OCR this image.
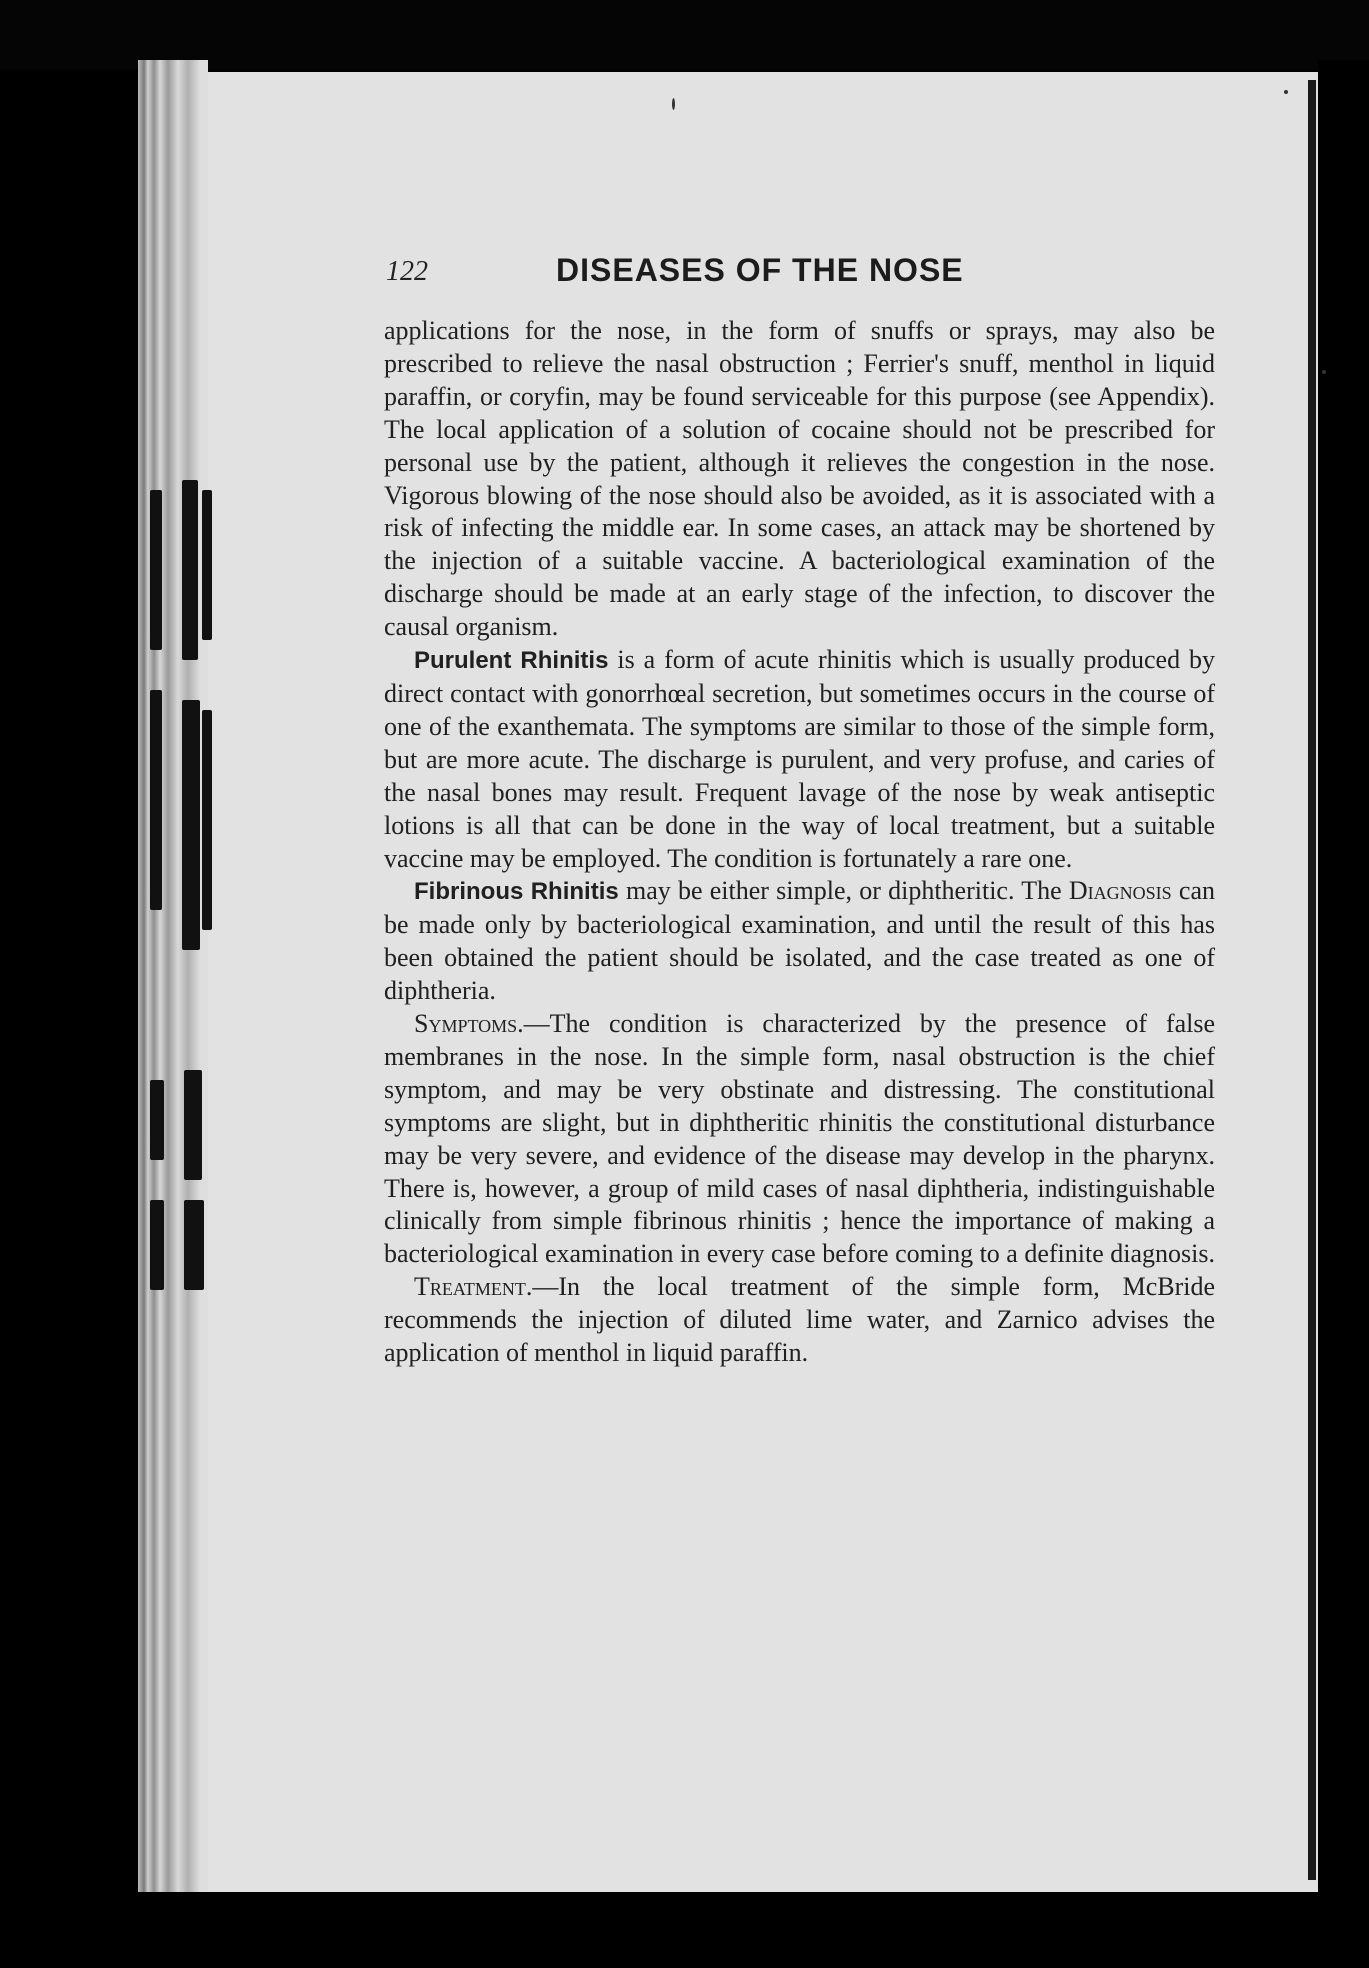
122	DISEASES OF THE NOSE

applications for the nose, in the form of snuffs or sprays, may also be prescribed to relieve the nasal obstruction ; Ferrier's snuff, menthol in liquid paraffin, or coryfin, may be found serviceable for this purpose (see Appendix). The local application of a solution of cocaine should not be prescribed for personal use by the patient, although it relieves the congestion in the nose. Vigorous blowing of the nose should also be avoided, as it is associated with a risk of infecting the middle ear. In some cases, an attack may be shortened by the injection of a suitable vaccine. A bacteriological examination of the discharge should be made at an early stage of the infection, to discover the causal organism.

Purulent Rhinitis is a form of acute rhinitis which is usually produced by direct contact with gonorrhœal secretion, but sometimes occurs in the course of one of the exanthemata. The symptoms are similar to those of the simple form, but are more acute. The discharge is purulent, and very profuse, and caries of the nasal bones may result. Frequent lavage of the nose by weak antiseptic lotions is all that can be done in the way of local treatment, but a suitable vaccine may be employed. The condition is fortunately a rare one.

Fibrinous Rhinitis may be either simple, or diphtheritic. The Diagnosis can be made only by bacteriological examination, and until the result of this has been obtained the patient should be isolated, and the case treated as one of diphtheria.

Symptoms.—The condition is characterized by the presence of false membranes in the nose. In the simple form, nasal obstruction is the chief symptom, and may be very obstinate and distressing. The constitutional symptoms are slight, but in diphtheritic rhinitis the constitutional disturbance may be very severe, and evidence of the disease may develop in the pharynx. There is, however, a group of mild cases of nasal diphtheria, indistinguishable clinically from simple fibrinous rhinitis ; hence the importance of making a bacteriological examination in every case before coming to a definite diagnosis.

Treatment.—In the local treatment of the simple form, McBride recommends the injection of diluted lime water, and Zarnico advises the application of menthol in liquid paraffin.
